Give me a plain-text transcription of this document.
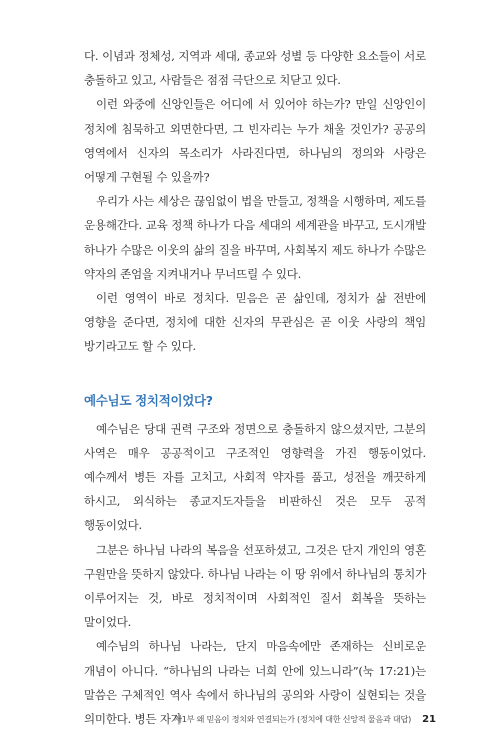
다. 이념과 정체성, 지역과 세대, 종교와 성별 등 다양한 요소들이 서로 충돌하고 있고, 사람들은 점점 극단으로 치닫고 있다.

이런 와중에 신앙인들은 어디에 서 있어야 하는가? 만일 신앙인이 정치에 침묵하고 외면한다면, 그 빈자리는 누가 채울 것인가? 공공의 영역에서 신자의 목소리가 사라진다면, 하나님의 정의와 사랑은 어떻게 구현될 수 있을까?

우리가 사는 세상은 끊임없이 법을 만들고, 정책을 시행하며, 제도를 운용해간다. 교육 정책 하나가 다음 세대의 세계관을 바꾸고, 도시개발 하나가 수많은 이웃의 삶의 질을 바꾸며, 사회복지 제도 하나가 수많은 약자의 존엄을 지켜내거나 무너뜨릴 수 있다.

이런 영역이 바로 정치다. 믿음은 곧 삶인데, 정치가 삶 전반에 영향을 준다면, 정치에 대한 신자의 무관심은 곧 이웃 사랑의 책임 방기라고도 할 수 있다.

예수님도 정치적이었다?

예수님은 당대 권력 구조와 정면으로 충돌하지 않으셨지만, 그분의 사역은 매우 공공적이고 구조적인 영향력을 가진 행동이었다. 예수께서 병든 자를 고치고, 사회적 약자를 품고, 성전을 깨끗하게 하시고, 외식하는 종교지도자들을 비판하신 것은 모두 공적 행동이었다.

그분은 하나님 나라의 복음을 선포하셨고, 그것은 단지 개인의 영혼 구원만을 뜻하지 않았다. 하나님 나라는 이 땅 위에서 하나님의 통치가 이루어지는 것, 바로 정치적이며 사회적인 질서 회복을 뜻하는 말이었다.

예수님의 하나님 나라는, 단지 마음속에만 존재하는 신비로운 개념이 아니다. “하나님의 나라는 너희 안에 있느니라”(눅 17:21)는 말씀은 구체적인 역사 속에서 하나님의 공의와 사랑이 실현되는 것을 의미한다. 병든 자가

제1부 왜 믿음이 정치와 연결되는가 (정치에 대한 신앙적 물음과 대답) 21
